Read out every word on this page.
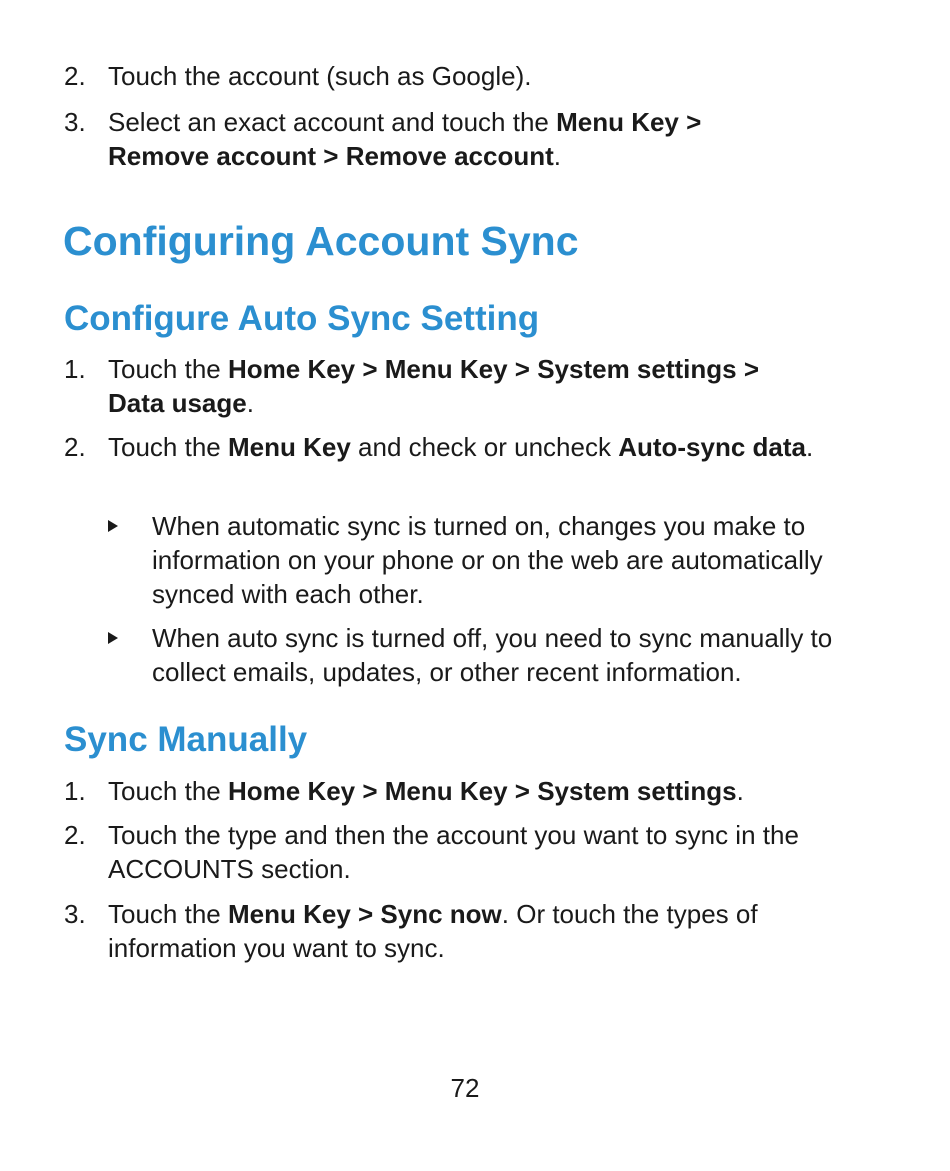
2. Touch the account (such as Google).
3. Select an exact account and touch the Menu Key >
Remove account > Remove account.
Configuring Account Sync
Configure Auto Sync Setting
1. Touch the Home Key > Menu Key > System settings >
Data usage.
2. Touch the Menu Key and check or uncheck Auto-sync data.
When automatic sync is turned on, changes you make to information on your phone or on the web are automatically synced with each other.
When auto sync is turned off, you need to sync manually to collect emails, updates, or other recent information.
Sync Manually
1. Touch the Home Key > Menu Key > System settings.
2. Touch the type and then the account you want to sync in the ACCOUNTS section.
3. Touch the Menu Key > Sync now. Or touch the types of information you want to sync.
72
